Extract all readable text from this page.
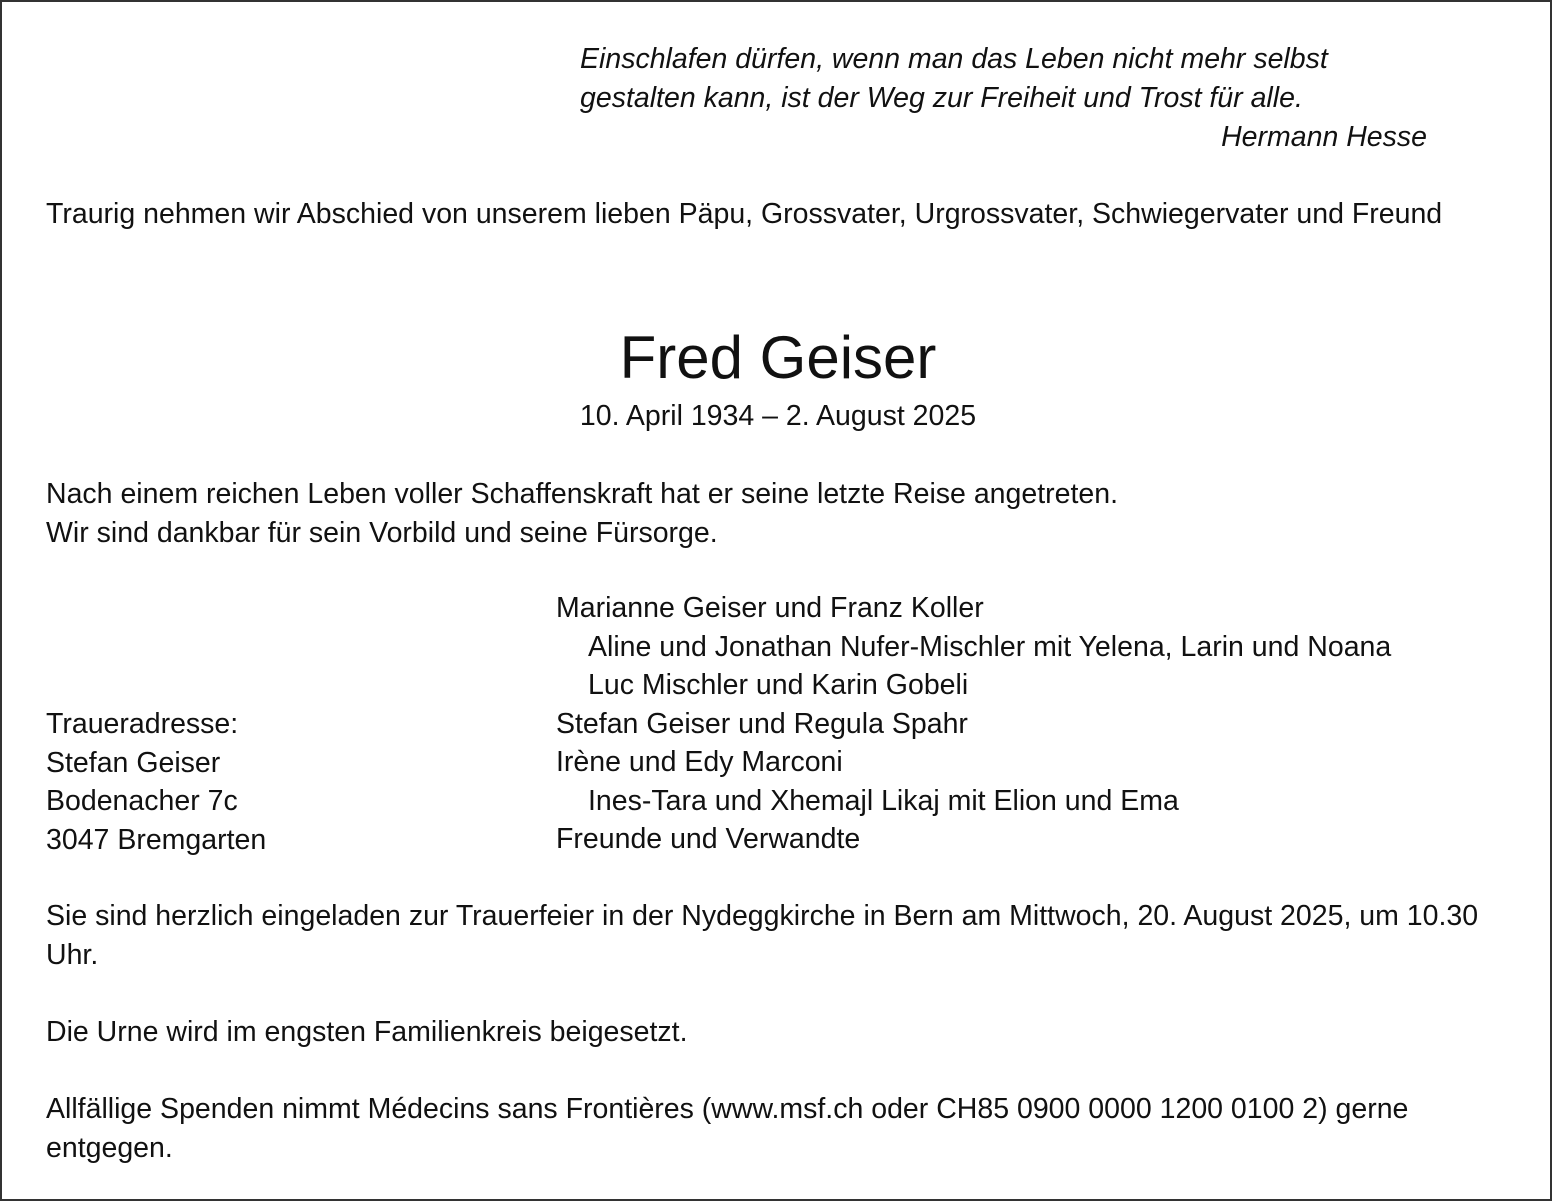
Einschlafen dürfen, wenn man das Leben nicht mehr selbst
gestalten kann, ist der Weg zur Freiheit und Trost für alle.
Hermann Hesse

Traurig nehmen wir Abschied von unserem lieben Päpu, Grossvater, Urgrossvater, Schwiegervater und Freund

Fred Geiser
10. April 1934 – 2. August 2025

Nach einem reichen Leben voller Schaffenskraft hat er seine letzte Reise angetreten.
Wir sind dankbar für sein Vorbild und seine Fürsorge.

Marianne Geiser und Franz Koller
Aline und Jonathan Nufer-Mischler mit Yelena, Larin und Noana
Luc Mischler und Karin Gobeli
Stefan Geiser und Regula Spahr
Irène und Edy Marconi
Ines-Tara und Xhemajl Likaj mit Elion und Ema
Freunde und Verwandte
Traueradresse:
Stefan Geiser
Bodenacher 7c
3047 Bremgarten

Sie sind herzlich eingeladen zur Trauerfeier in der Nydeggkirche in Bern am Mittwoch, 20. August 2025, um 10.30 Uhr.

Die Urne wird im engsten Familienkreis beigesetzt.

Allfällige Spenden nimmt Médecins sans Frontières (www.msf.ch oder CH85 0900 0000 1200 0100 2) gerne entgegen.
